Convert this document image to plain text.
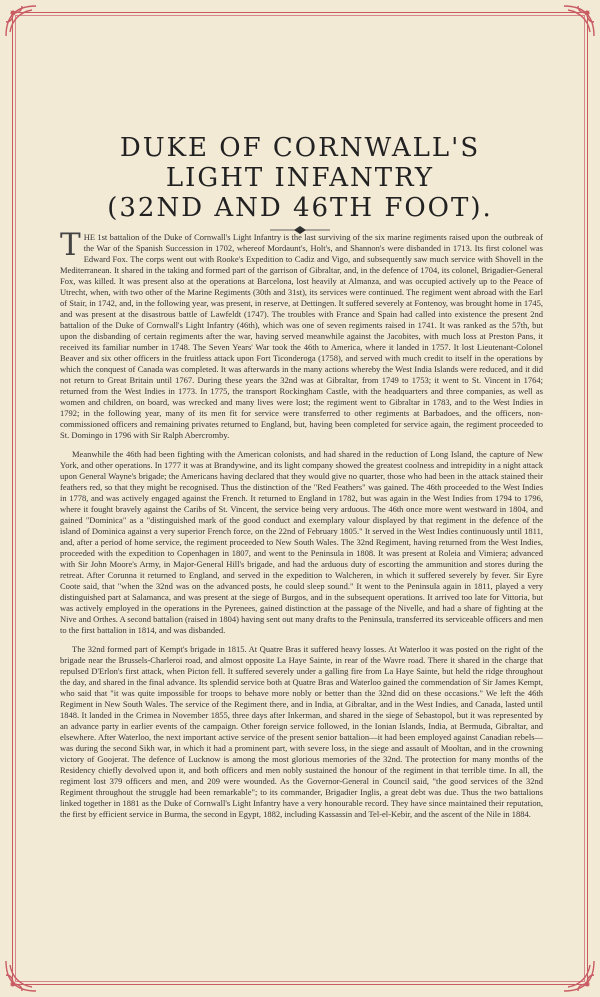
DUKE OF CORNWALL'S
LIGHT INFANTRY
(32ND AND 46TH FOOT).

THE 1st battalion of the Duke of Cornwall's Light Infantry is the last surviving of the six marine regiments raised upon the outbreak of the War of the Spanish Succession in 1702, whereof Mordaunt's, Holt's, and Shannon's were disbanded in 1713. Its first colonel was Edward Fox. The corps went out with Rooke's Expedition to Cadiz and Vigo, and subsequently saw much service with Shovell in the Mediterranean. It shared in the taking and formed part of the garrison of Gibraltar, and, in the defence of 1704, its colonel, Brigadier-General Fox, was killed. It was present also at the operations at Barcelona, lost heavily at Almanza, and was occupied actively up to the Peace of Utrecht, when, with two other of the Marine Regiments (30th and 31st), its services were continued. The regiment went abroad with the Earl of Stair, in 1742, and, in the following year, was present, in reserve, at Dettingen. It suffered severely at Fontenoy, was brought home in 1745, and was present at the disastrous battle of Lawfeldt (1747). The troubles with France and Spain had called into existence the present 2nd battalion of the Duke of Cornwall's Light Infantry (46th), which was one of seven regiments raised in 1741. It was ranked as the 57th, but upon the disbanding of certain regiments after the war, having served meanwhile against the Jacobites, with much loss at Preston Pans, it received its familiar number in 1748. The Seven Years' War took the 46th to America, where it landed in 1757. It lost Lieutenant-Colonel Beaver and six other officers in the fruitless attack upon Fort Ticonderoga (1758), and served with much credit to itself in the operations by which the conquest of Canada was completed. It was afterwards in the many actions whereby the West India Islands were reduced, and it did not return to Great Britain until 1767. During these years the 32nd was at Gibraltar, from 1749 to 1753; it went to St. Vincent in 1764; returned from the West Indies in 1773. In 1775, the transport Rockingham Castle, with the headquarters and three companies, as well as women and children, on board, was wrecked and many lives were lost; the regiment went to Gibraltar in 1783, and to the West Indies in 1792; in the following year, many of its men fit for service were transferred to other regiments at Barbadoes, and the officers, non-commissioned officers and remaining privates returned to England, but, having been completed for service again, the regiment proceeded to St. Domingo in 1796 with Sir Ralph Abercromby.

Meanwhile the 46th had been fighting with the American colonists, and had shared in the reduction of Long Island, the capture of New York, and other operations. In 1777 it was at Brandywine, and its light company showed the greatest coolness and intrepidity in a night attack upon General Wayne's brigade; the Americans having declared that they would give no quarter, those who had been in the attack stained their feathers red, so that they might be recognised. Thus the distinction of the "Red Feathers" was gained. The 46th proceeded to the West Indies in 1778, and was actively engaged against the French. It returned to England in 1782, but was again in the West Indies from 1794 to 1796, where it fought bravely against the Caribs of St. Vincent, the service being very arduous. The 46th once more went westward in 1804, and gained "Dominica" as a "distinguished mark of the good conduct and exemplary valour displayed by that regiment in the defence of the island of Dominica against a very superior French force, on the 22nd of February 1805." It served in the West Indies continuously until 1811, and, after a period of home service, the regiment proceeded to New South Wales. The 32nd Regiment, having returned from the West Indies, proceeded with the expedition to Copenhagen in 1807, and went to the Peninsula in 1808. It was present at Roleia and Vimiera; advanced with Sir John Moore's Army, in Major-General Hill's brigade, and had the arduous duty of escorting the ammunition and stores during the retreat. After Corunna it returned to England, and served in the expedition to Walcheren, in which it suffered severely by fever. Sir Eyre Coote said, that "when the 32nd was on the advanced posts, he could sleep sound." It went to the Peninsula again in 1811, played a very distinguished part at Salamanca, and was present at the siege of Burgos, and in the subsequent operations. It arrived too late for Vittoria, but was actively employed in the operations in the Pyrenees, gained distinction at the passage of the Nivelle, and had a share of fighting at the Nive and Orthes. A second battalion (raised in 1804) having sent out many drafts to the Peninsula, transferred its serviceable officers and men to the first battalion in 1814, and was disbanded.

The 32nd formed part of Kempt's brigade in 1815. At Quatre Bras it suffered heavy losses. At Waterloo it was posted on the right of the brigade near the Brussels-Charleroi road, and almost opposite La Haye Sainte, in rear of the Wavre road. There it shared in the charge that repulsed D'Erlon's first attack, when Picton fell. It suffered severely under a galling fire from La Haye Sainte, but held the ridge throughout the day, and shared in the final advance. Its splendid service both at Quatre Bras and Waterloo gained the commendation of Sir James Kempt, who said that "it was quite impossible for troops to behave more nobly or better than the 32nd did on these occasions." We left the 46th Regiment in New South Wales. The service of the Regiment there, and in India, at Gibraltar, and in the West Indies, and Canada, lasted until 1848. It landed in the Crimea in November 1855, three days after Inkerman, and shared in the siege of Sebastopol, but it was represented by an advance party in earlier events of the campaign. Other foreign service followed, in the Ionian Islands, India, at Bermuda, Gibraltar, and elsewhere. After Waterloo, the next important active service of the present senior battalion—it had been employed against Canadian rebels—was during the second Sikh war, in which it had a prominent part, with severe loss, in the siege and assault of Mooltan, and in the crowning victory of Goojerat. The defence of Lucknow is among the most glorious memories of the 32nd. The protection for many months of the Residency chiefly devolved upon it, and both officers and men nobly sustained the honour of the regiment in that terrible time. In all, the regiment lost 379 officers and men, and 209 were wounded. As the Governor-General in Council said, "the good services of the 32nd Regiment throughout the struggle had been remarkable"; to its commander, Brigadier Inglis, a great debt was due. Thus the two battalions linked together in 1881 as the Duke of Cornwall's Light Infantry have a very honourable record. They have since maintained their reputation, the first by efficient service in Burma, the second in Egypt, 1882, including Kassassin and Tel-el-Kebir, and the ascent of the Nile in 1884.
